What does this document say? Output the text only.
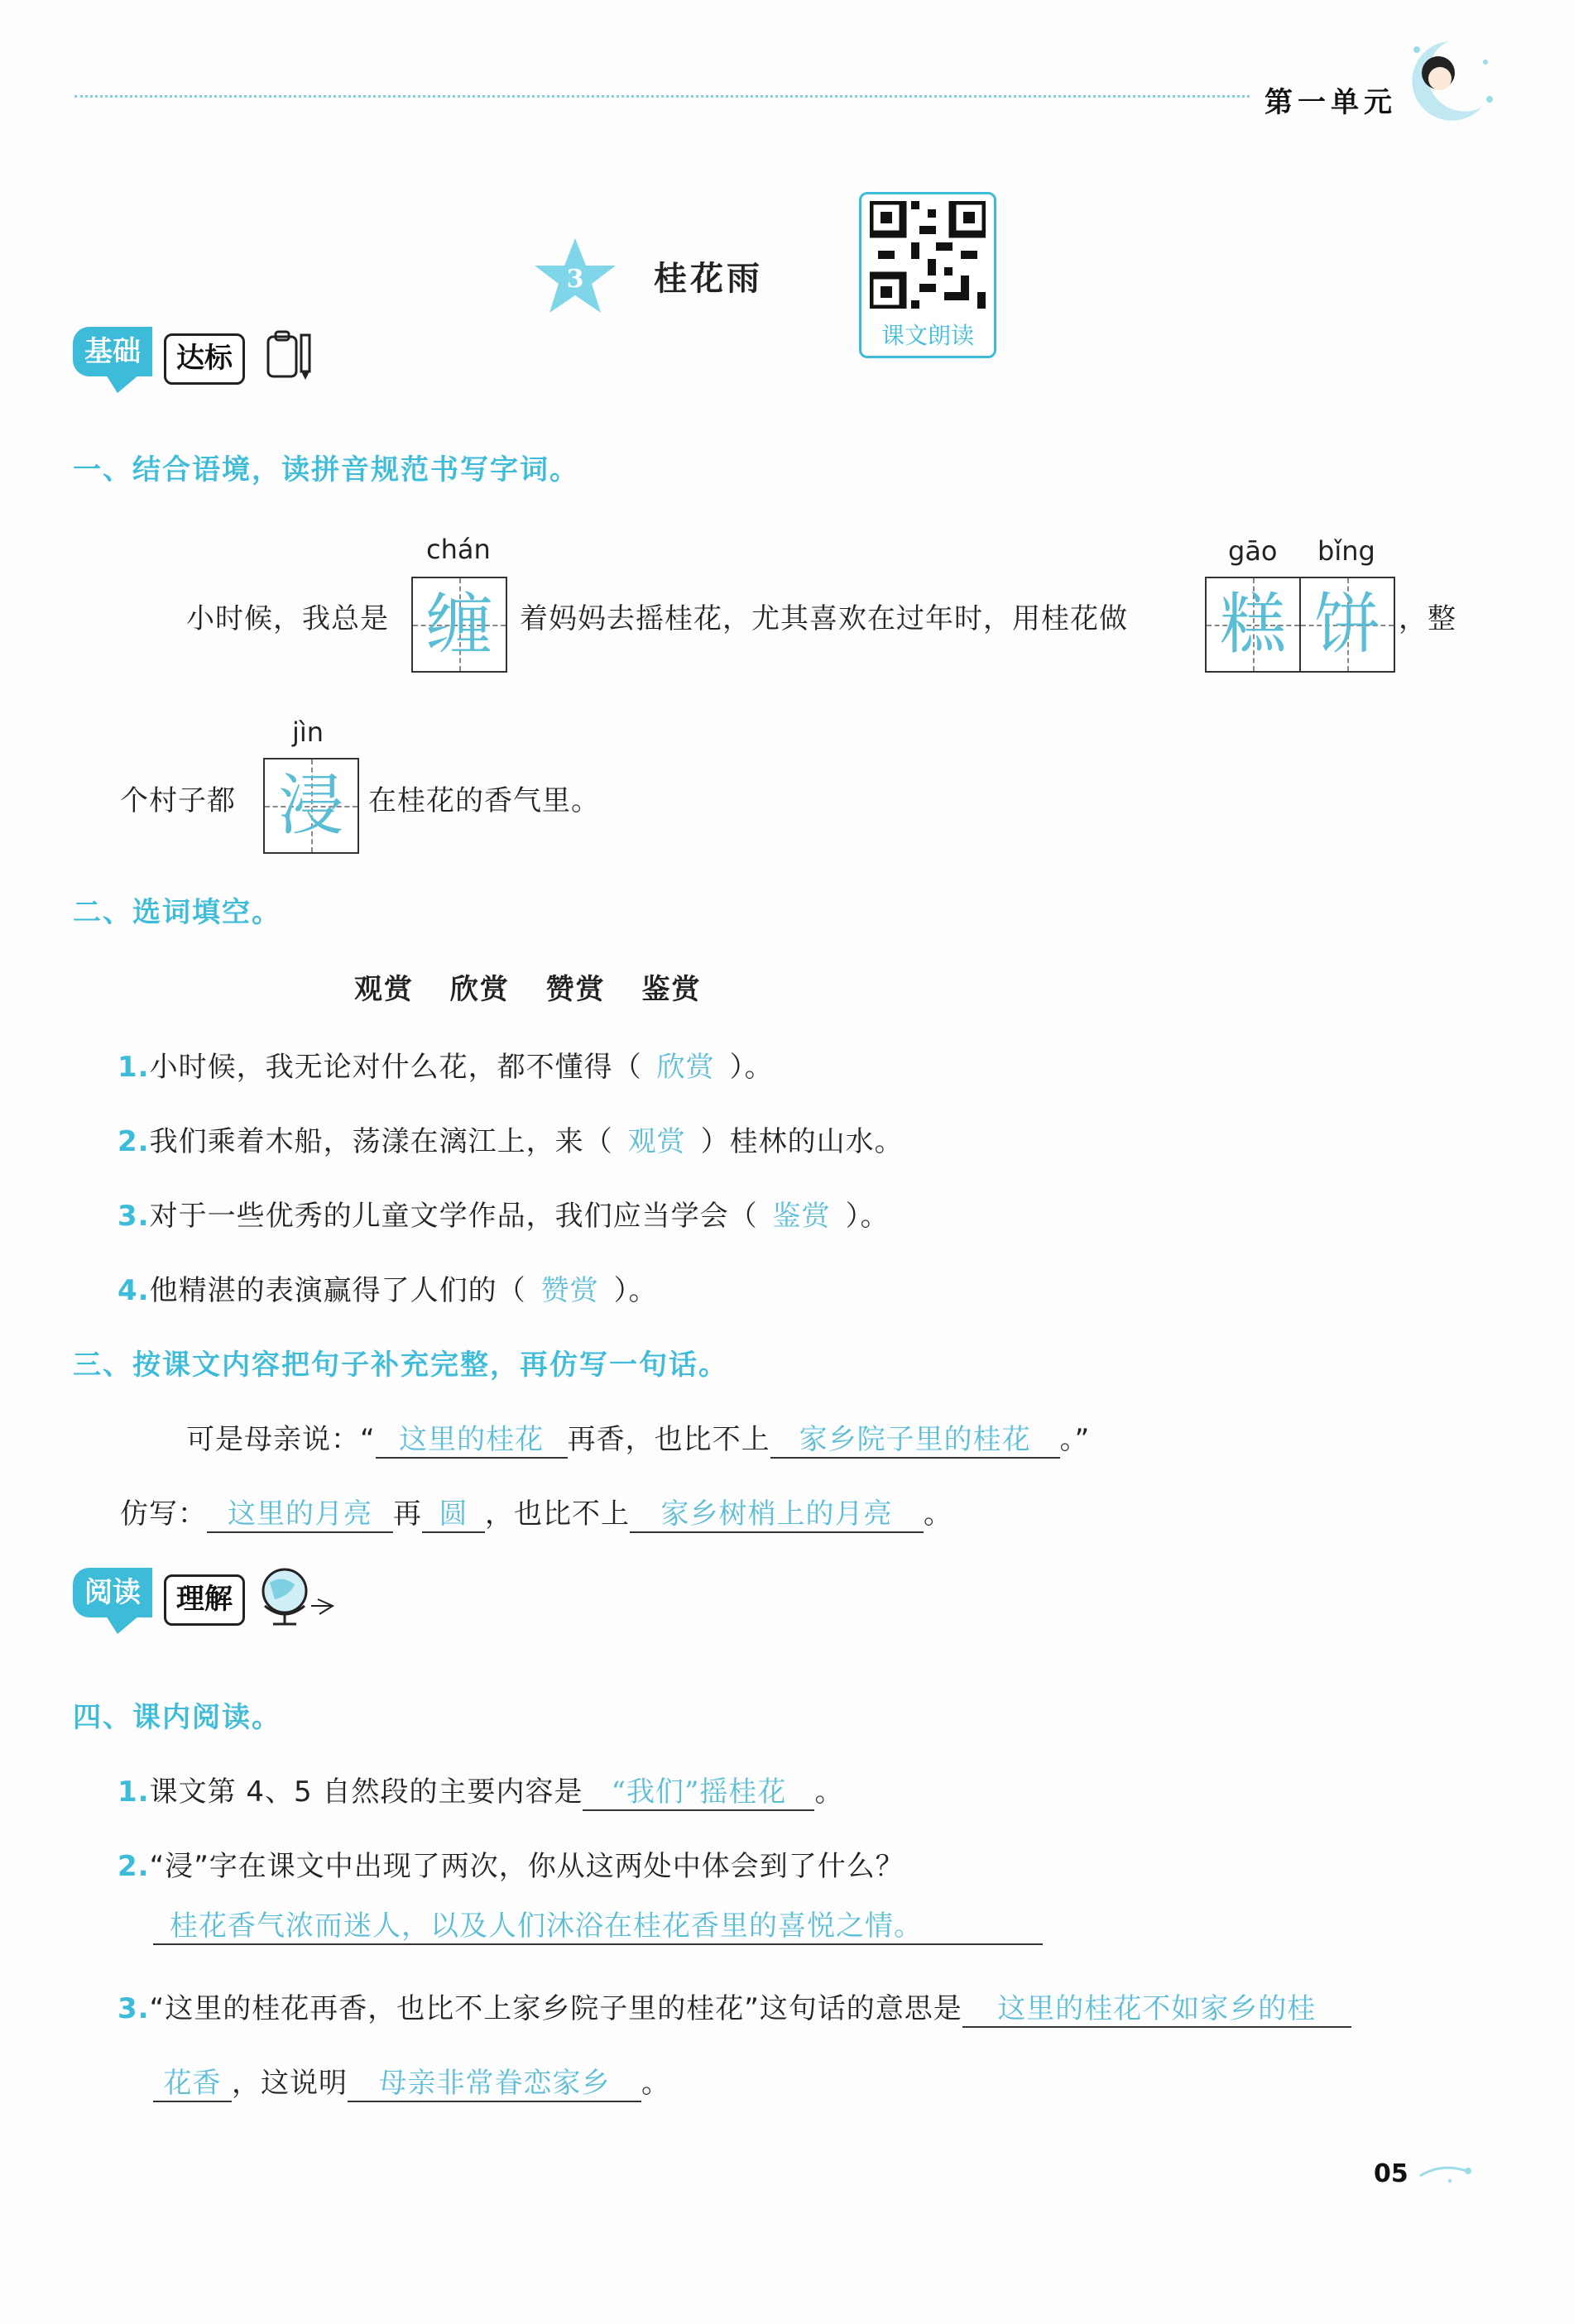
第一单元
3 桂花雨
课文朗读
基础	达标
一、结合语境，读拼音规范书写字词。
小时候，我总是
chán
缠 着妈妈去摇桂花，尤其喜欢在过年时，用桂花做
gāo bǐng
糕 饼 ，整
个村子都
jìn
浸 在桂花的香气里。
二、选词填空。
观赏 欣赏 赞赏 鉴赏
1.小时候，我无论对什么花，都不懂得（ 欣赏 ）。
2.我们乘着木船，荡漾在漓江上，来（ 观赏 ）桂林的山水。
3.对于一些优秀的儿童文学作品，我们应当学会（ 鉴赏 ）。
4.他精湛的表演赢得了人们的（ 赞赏 ）。
三、按课文内容把句子补充完整，再仿写一句话。
可是母亲说：“ 这里的桂花 再香，也比不上 家乡院子里的桂花 。”
仿写： 这里的月亮 再 圆 ，也比不上 家乡树梢上的月亮 。
阅读	理解
四、课内阅读。
1.课文第 4、5 自然段的主要内容是 “我们”摇桂花 。
2.“浸”字在课文中出现了两次，你从这两处中体会到了什么？
桂花香气浓而迷人，以及人们沐浴在桂花香里的喜悦之情。
3.“这里的桂花再香，也比不上家乡院子里的桂花”这句话的意思是 这里的桂花不如家乡的桂
花香 ，这说明 母亲非常眷恋家乡 。
05
